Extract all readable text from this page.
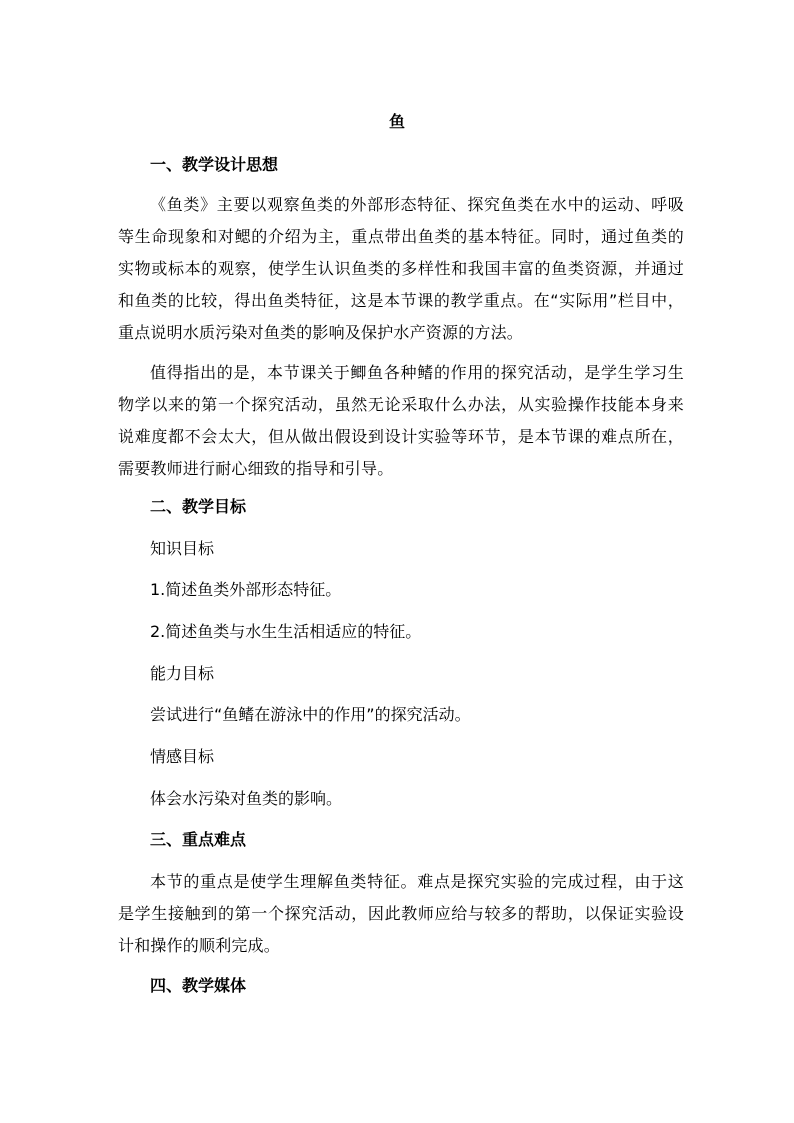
鱼
一、教学设计思想
《鱼类》主要以观察鱼类的外部形态特征、探究鱼类在水中的运动、呼吸等生命现象和对鳃的介绍为主，重点带出鱼类的基本特征。同时，通过鱼类的实物或标本的观察，使学生认识鱼类的多样性和我国丰富的鱼类资源，并通过和鱼类的比较，得出鱼类特征，这是本节课的教学重点。在“实际用”栏目中，重点说明水质污染对鱼类的影响及保护水产资源的方法。
值得指出的是，本节课关于鲫鱼各种鳍的作用的探究活动，是学生学习生物学以来的第一个探究活动，虽然无论采取什么办法，从实验操作技能本身来说难度都不会太大，但从做出假设到设计实验等环节，是本节课的难点所在，需要教师进行耐心细致的指导和引导。
二、教学目标
知识目标
1.简述鱼类外部形态特征。
2.简述鱼类与水生生活相适应的特征。
能力目标
尝试进行“鱼鳍在游泳中的作用”的探究活动。
情感目标
体会水污染对鱼类的影响。
三、重点难点
本节的重点是使学生理解鱼类特征。难点是探究实验的完成过程，由于这是学生接触到的第一个探究活动，因此教师应给与较多的帮助，以保证实验设计和操作的顺利完成。
四、教学媒体
